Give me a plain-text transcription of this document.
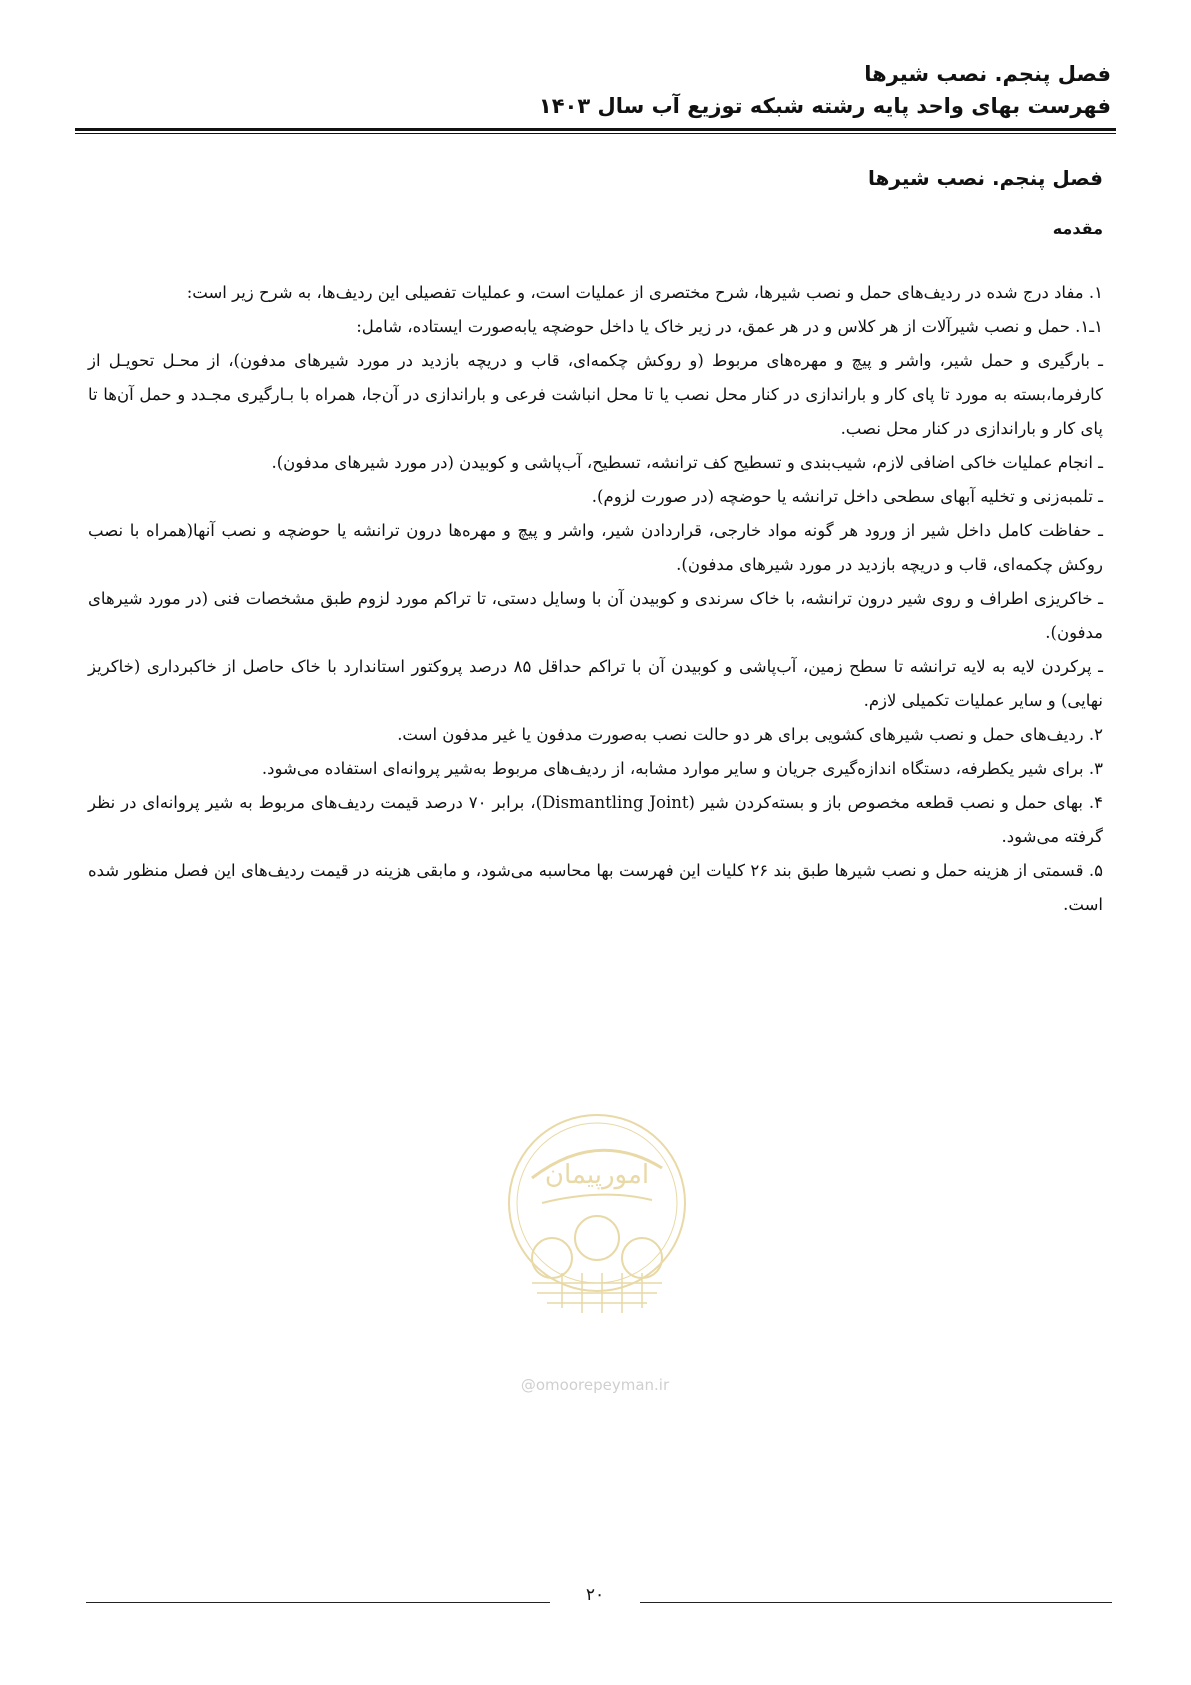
فصل پنجم. نصب شیرها
فهرست بهای واحد پایه رشته شبکه توزیع آب سال ۱۴۰۳
فصل پنجم. نصب شیرها
مقدمه

۱. مفاد درج شده در ردیف‌های حمل و نصب شیرها، شرح مختصری از عملیات است، و عملیات تفصیلی این ردیف‌ها، به شرح زیر است:

۱ـ۱. حمل و نصب شیرآلات از هر کلاس و در هر عمق، در زیر خاک یا داخل حوضچه یابه‌صورت ایستاده، شامل:

ـ بارگیری و حمل شیر، واشر و پیچ و مهره‌های مربوط (و روکش چکمه‌ای، قاب و دریچه بازدید در مورد شیرهای مدفون)، از محـل تحویـل از کارفرما،بسته به مورد تا پای کار و باراندازی در کنار محل نصب یا تا محل انباشت فرعی و باراندازی در آن‌جا، همراه با بـارگیری مجـدد و حمل آن‌ها تا پای کار و باراندازی در کنار محل نصب.

ـ انجام عملیات خاکی اضافی لازم، شیب‌بندی و تسطیح کف ترانشه، تسطیح، آب‌پاشی و کوبیدن (در مورد شیرهای مدفون).

ـ تلمبه‌زنی و تخلیه آبهای سطحی داخل ترانشه یا حوضچه (در صورت لزوم).

ـ حفاظت کامل داخل شیر از ورود هر گونه مواد خارجی، قراردادن شیر، واشر و پیچ و مهره‌ها درون ترانشه یا حوضچه و نصب آنها(همراه با نصب روکش چکمه‌ای، قاب و دریچه بازدید در مورد شیرهای مدفون).

ـ خاکریزی اطراف و روی شیر درون ترانشه، با خاک سرندی و کوبیدن آن با وسایل دستی، تا تراکم مورد لزوم طبق مشخصات فنی (در مورد شیرهای مدفون).

ـ پرکردن لایه به لایه ترانشه تا سطح زمین، آب‌پاشی و کوبیدن آن با تراکم حداقل ۸۵ درصد پروکتور استاندارد با خاک حاصل از خاکبرداری (خاکریز نهایی) و سایر عملیات تکمیلی لازم.

۲. ردیف‌های حمل و نصب شیرهای کشویی برای هر دو حالت نصب به‌صورت مدفون یا غیر مدفون است.

۳. برای شیر یکطرفه، دستگاه اندازه‌گیری جریان و سایر موارد مشابه، از ردیف‌های مربوط به‌شیر پروانه‌ای استفاده می‌شود.

۴. بهای حمل و نصب قطعه مخصوص باز و بسته‌کردن شیر (Dismantling Joint)، برابر ۷۰ درصد قیمت ردیف‌های مربوط به شیر پروانه‌ای در نظر گرفته می‌شود.

۵. قسمتی از هزینه حمل و نصب شیرها طبق بند ۲۶ کلیات این فهرست بها محاسبه می‌شود، و مابقی هزینه در قیمت ردیف‌های این فصل منظور شده است.

امورپیمان
@omoorepeyman.ir
۲۰
